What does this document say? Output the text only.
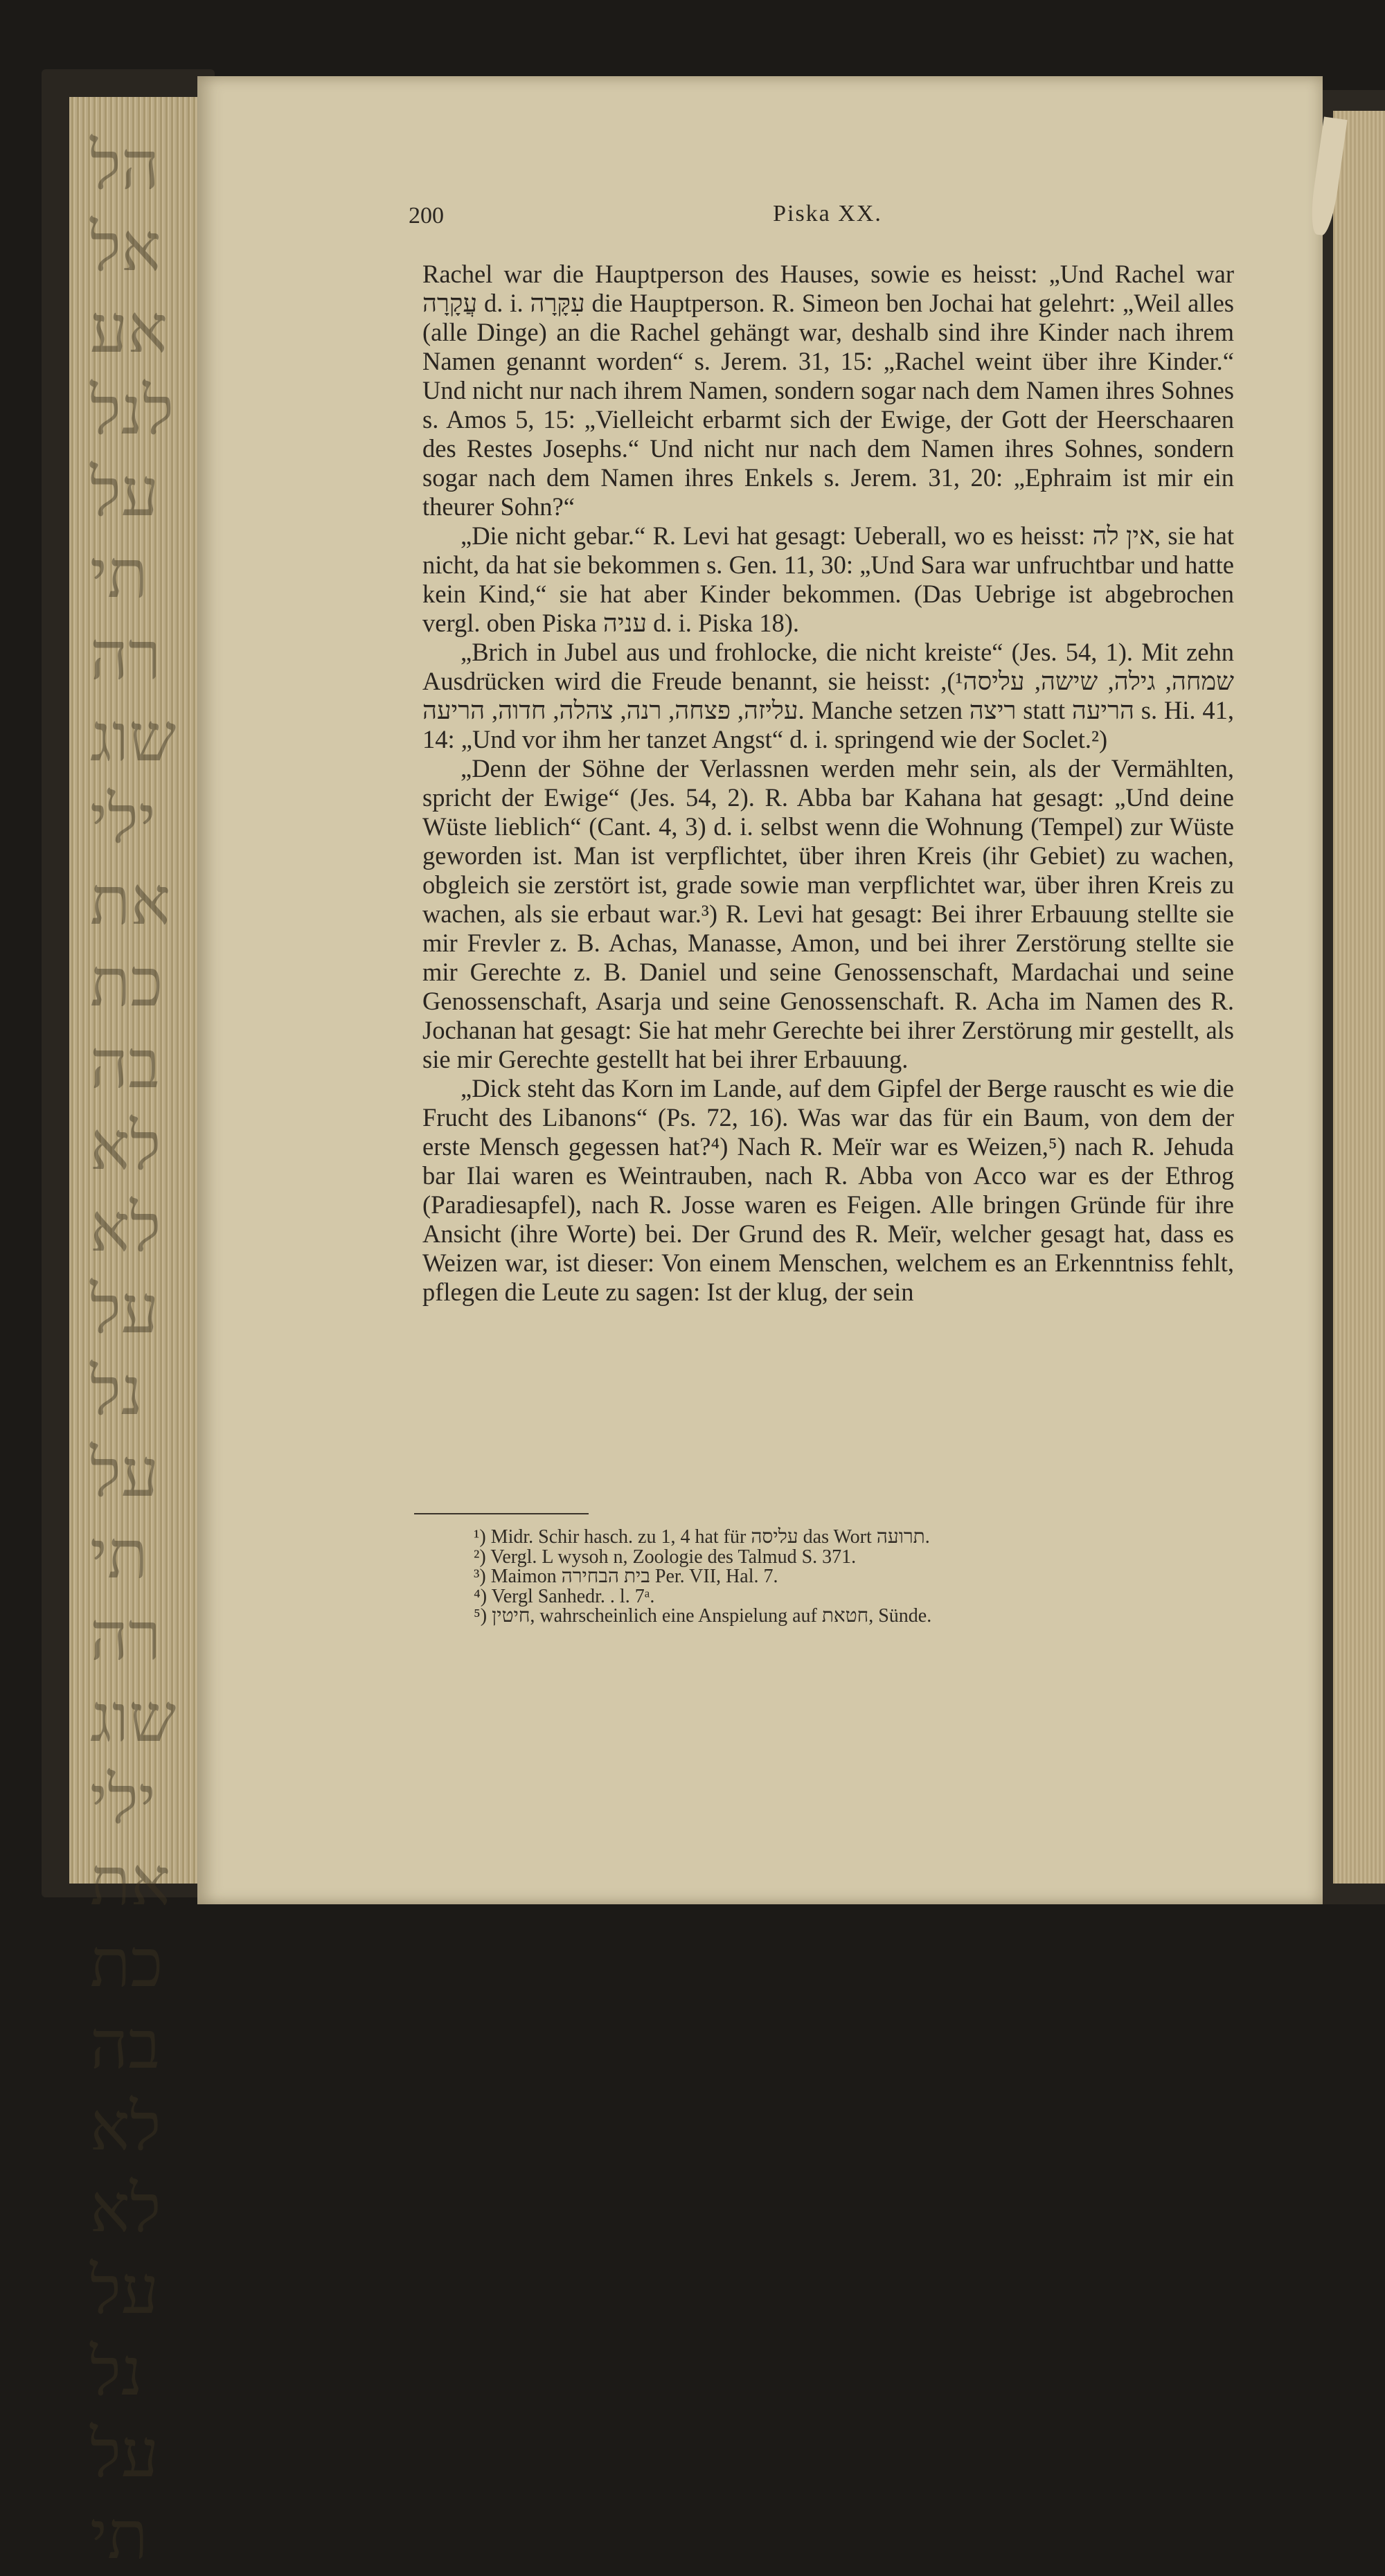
הלאלאעלנלעלתירהשוגיליאתכתבהלאלאעלנלעלתירהשוגיליאתכתבהלאלאעלנלעלתי
200	Piska XX.

Rachel war die Hauptperson des Hauses, sowie es heisst: „Und Rachel war עֲקָרָה d. i. עִקָּרָה die Hauptperson. R. Simeon ben Jochai hat gelehrt: „Weil alles (alle Dinge) an die Rachel gehängt war, deshalb sind ihre Kinder nach ihrem Namen genannt worden“ s. Jerem. 31, 15: „Rachel weint über ihre Kinder.“ Und nicht nur nach ihrem Namen, sondern sogar nach dem Namen ihres Sohnes s. Amos 5, 15: „Vielleicht erbarmt sich der Ewige, der Gott der Heerschaaren des Restes Josephs.“ Und nicht nur nach dem Namen ihres Sohnes, sondern sogar nach dem Namen ihres Enkels s. Jerem. 31, 20: „Ephraim ist mir ein theurer Sohn?“

„Die nicht gebar.“ R. Levi hat gesagt: Ueberall, wo es heisst: אין לה, sie hat nicht, da hat sie bekommen s. Gen. 11, 30: „Und Sara war unfruchtbar und hatte kein Kind,“ sie hat aber Kinder bekommen. (Das Uebrige ist abgebrochen vergl. oben Piska עניה d. i. Piska 18).

„Brich in Jubel aus und frohlocke, die nicht kreiste“ (Jes. 54, 1). Mit zehn Ausdrücken wird die Freude benannt, sie heisst: שמחה, גילה, שישה, עליסה¹), עליזה, פצחה, רנה, צהלה, חדוה, הריעה. Manche setzen ריצה statt הריעה s. Hi. 41, 14: „Und vor ihm her tanzet Angst“ d. i. springend wie der Soclet.²)

„Denn der Söhne der Verlassnen werden mehr sein, als der Vermählten, spricht der Ewige“ (Jes. 54, 2). R. Abba bar Kahana hat gesagt: „Und deine Wüste lieblich“ (Cant. 4, 3) d. i. selbst wenn die Wohnung (Tempel) zur Wüste geworden ist. Man ist verpflichtet, über ihren Kreis (ihr Gebiet) zu wachen, obgleich sie zerstört ist, grade sowie man verpflichtet war, über ihren Kreis zu wachen, als sie erbaut war.³) R. Levi hat gesagt: Bei ihrer Erbauung stellte sie mir Frevler z. B. Achas, Manasse, Amon, und bei ihrer Zerstörung stellte sie mir Gerechte z. B. Daniel und seine Genossenschaft, Mardachai und seine Genossenschaft, Asarja und seine Genossenschaft. R. Acha im Namen des R. Jochanan hat gesagt: Sie hat mehr Gerechte bei ihrer Zerstörung mir gestellt, als sie mir Gerechte gestellt hat bei ihrer Erbauung.

„Dick steht das Korn im Lande, auf dem Gipfel der Berge rauscht es wie die Frucht des Libanons“ (Ps. 72, 16). Was war das für ein Baum, von dem der erste Mensch gegessen hat?⁴) Nach R. Meïr war es Weizen,⁵) nach R. Jehuda bar Ilai waren es Weintrauben, nach R. Abba von Acco war es der Ethrog (Paradiesapfel), nach R. Josse waren es Feigen. Alle bringen Gründe für ihre Ansicht (ihre Worte) bei. Der Grund des R. Meïr, welcher gesagt hat, dass es Weizen war, ist dieser: Von einem Menschen, welchem es an Erkenntniss fehlt, pflegen die Leute zu sagen: Ist der klug, der sein

¹) Midr. Schir hasch. zu 1, 4 hat für עליסה das Wort תרועה.
²) Vergl. L wysoh n, Zoologie des Talmud S. 371.
³) Maimon בית הבחירה Per. VII, Hal. 7.
⁴) Vergl Sanhedr. . l. 7ᵃ.
⁵) חיטין, wahrscheinlich eine Anspielung auf חטאת, Sünde.
